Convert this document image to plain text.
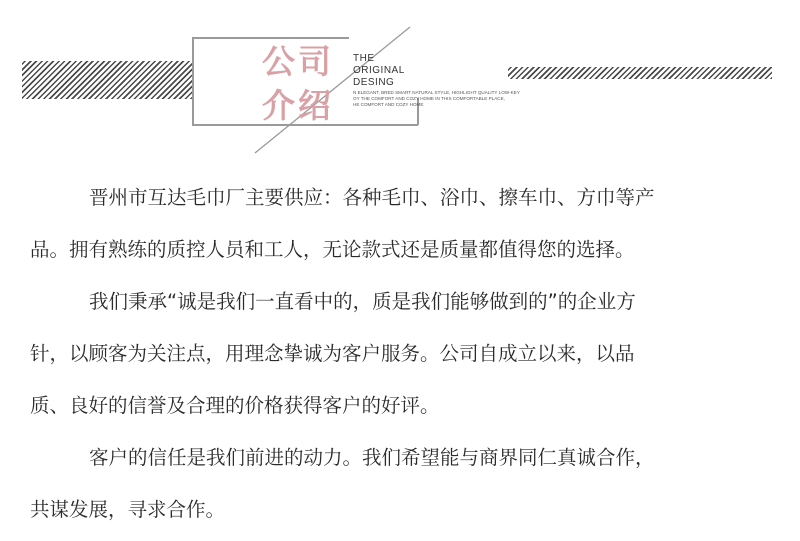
公司
介绍
THE
ORIGINAL
DESING
N ELEGANT, BRED SMART NATURAL STYLE, HIGHLIGHT QUALITY LOW-KEY
OY THE COMFORT AND COZY HOME IN THIS COMFORTABLE PLACE,
HE COMFORT AND COZY HOME
晋州市互达毛巾厂主要供应：各种毛巾、浴巾、擦车巾、方巾等产
品。拥有熟练的质控人员和工人，无论款式还是质量都值得您的选择。
我们秉承“诚是我们一直看中的，质是我们能够做到的”的企业方
针，以顾客为关注点，用理念挚诚为客户服务。公司自成立以来，以品
质、良好的信誉及合理的价格获得客户的好评。
客户的信任是我们前进的动力。我们希望能与商界同仁真诚合作，
共谋发展，寻求合作。
